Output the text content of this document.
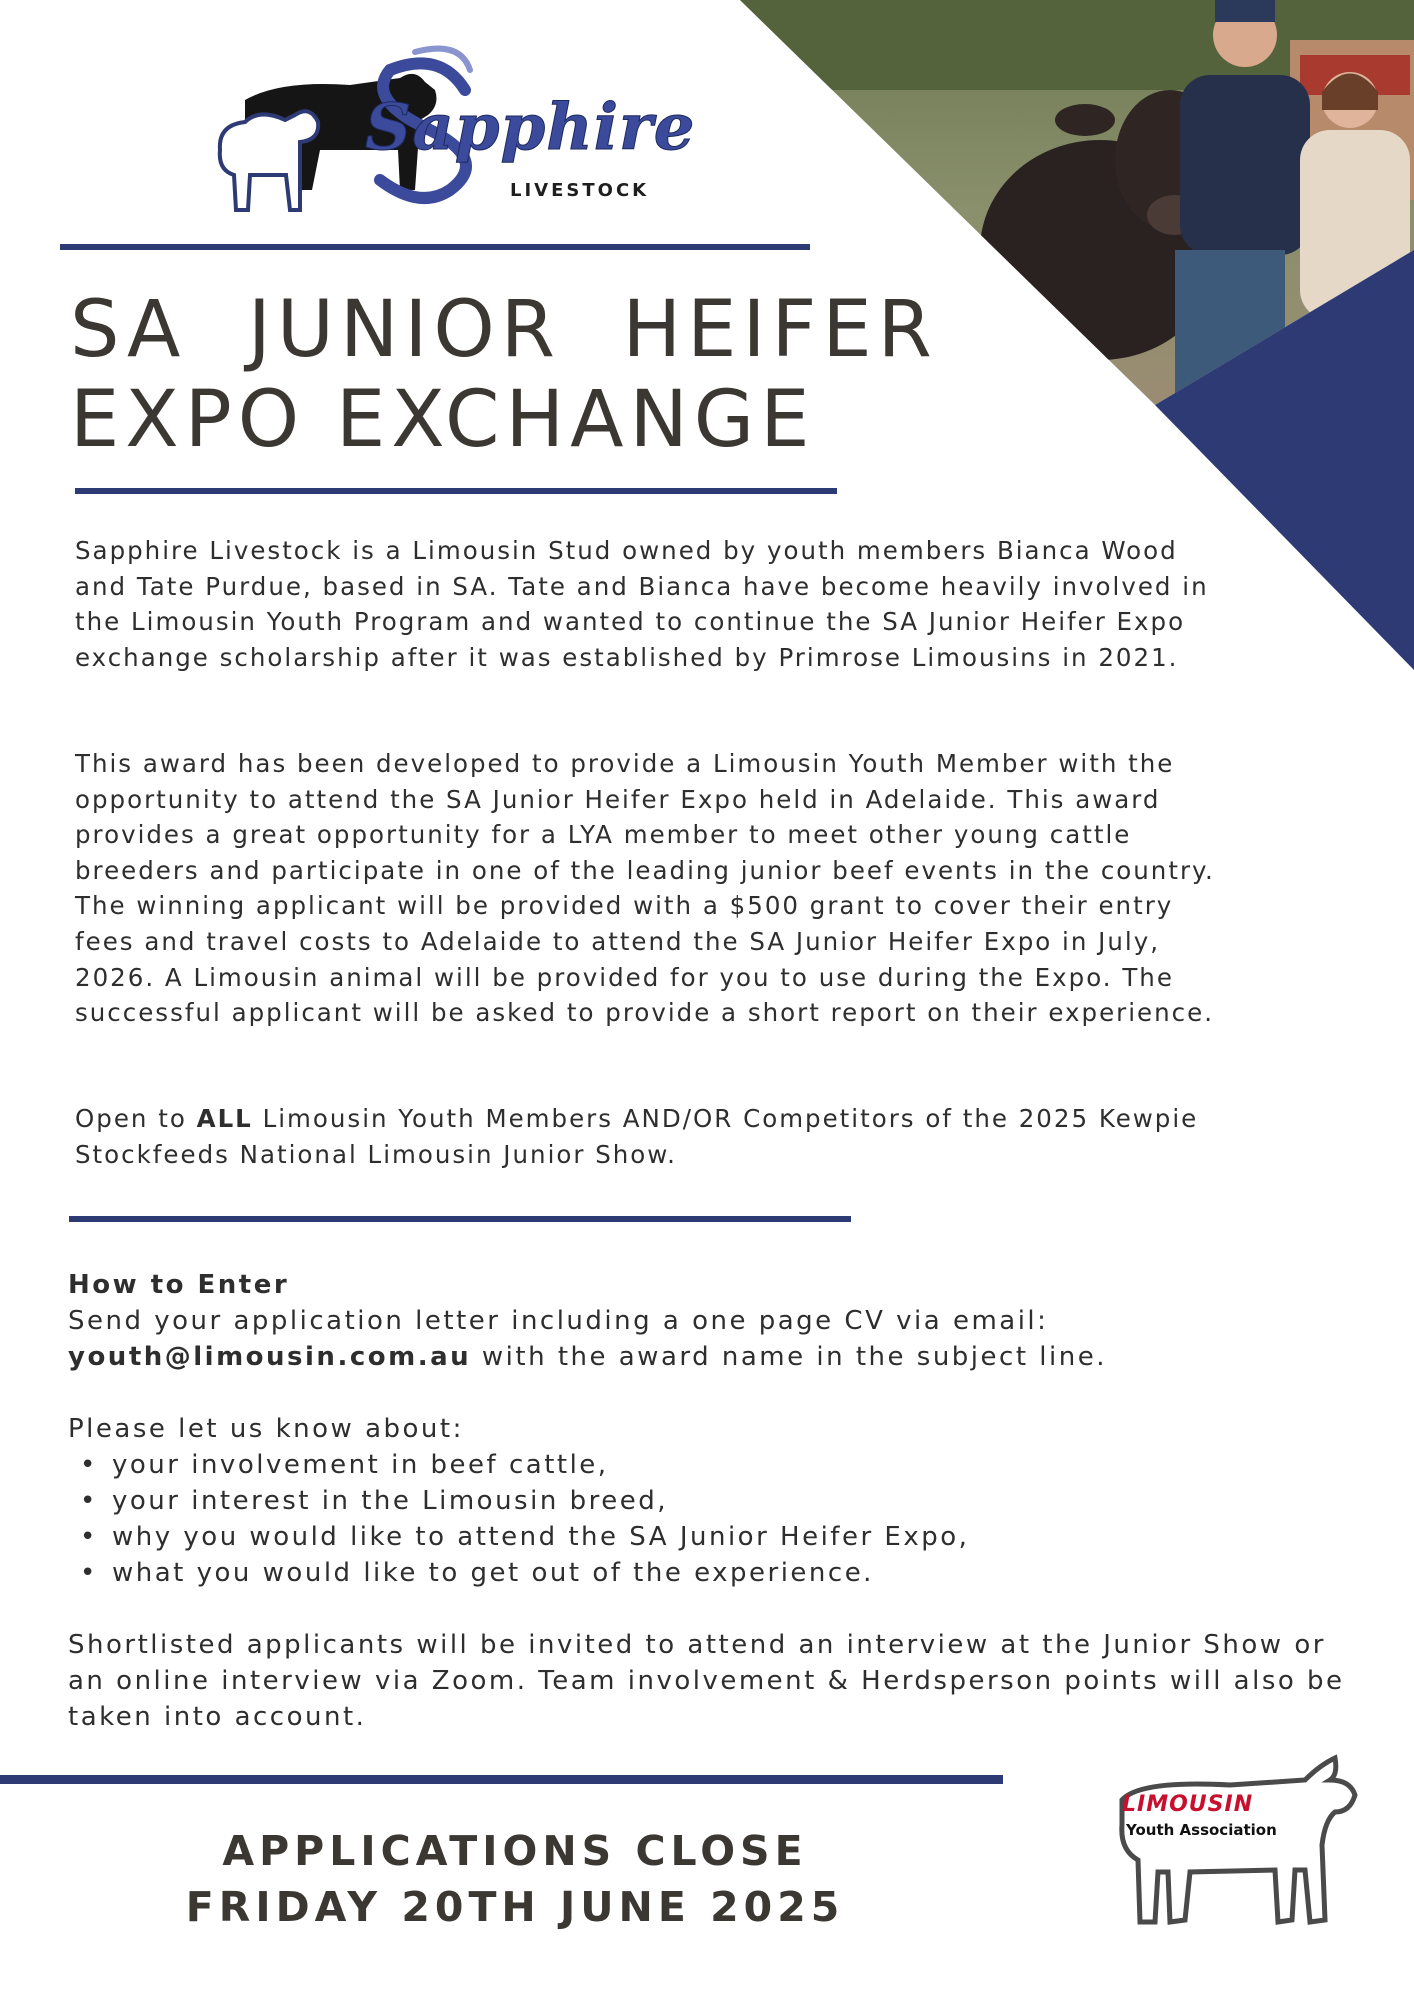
Sapphire
LIVESTOCK
SA  JUNIOR  HEIFER
EXPO EXCHANGE

Sapphire Livestock is a Limousin Stud owned by youth members Bianca Wood and Tate Purdue, based in SA. Tate and Bianca have become heavily involved in the Limousin Youth Program and wanted to continue the SA Junior Heifer Expo exchange scholarship after it was established by Primrose Limousins in 2021.

This award has been developed to provide a Limousin Youth Member with the opportunity to attend the SA Junior Heifer Expo held in Adelaide. This award provides a great opportunity for a LYA member to meet other young cattle breeders and participate in one of the leading junior beef events in the country. The winning applicant will be provided with a $500 grant to cover their entry fees and travel costs to Adelaide to attend the SA Junior Heifer Expo in July, 2026. A Limousin animal will be provided for you to use during the Expo. The successful applicant will be asked to provide a short report on their experience.

Open to ALL Limousin Youth Members AND/OR Competitors of the 2025 Kewpie Stockfeeds National Limousin Junior Show.

How to Enter
Send your application letter including a one page CV via email:
youth@limousin.com.au with the award name in the subject line.
Please let us know about:
• your involvement in beef cattle,
• your interest in the Limousin breed,
• why you would like to attend the SA Junior Heifer Expo,
• what you would like to get out of the experience.
Shortlisted applicants will be invited to attend an interview at the Junior Show or an online interview via Zoom. Team involvement & Herdsperson points will also be taken into account.
APPLICATIONS CLOSE
FRIDAY 20TH JUNE 2025
LIMOUSIN
Youth Association
